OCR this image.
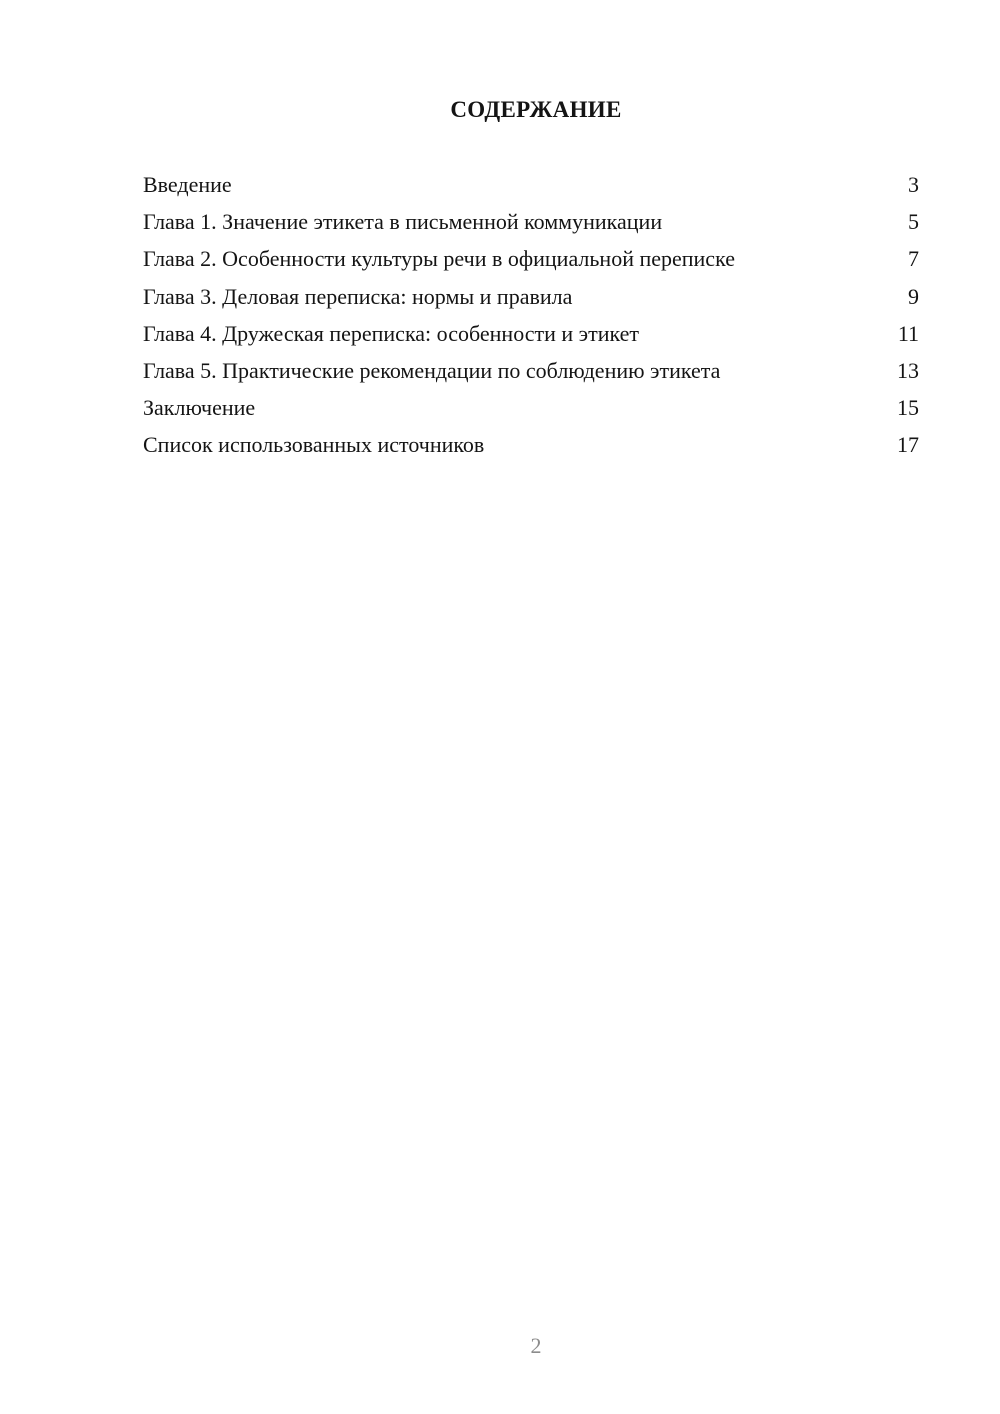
СОДЕРЖАНИЕ
Введение	3
Глава 1. Значение этикета в письменной коммуникации	5
Глава 2. Особенности культуры речи в официальной переписке	7
Глава 3. Деловая переписка: нормы и правила	9
Глава 4. Дружеская переписка: особенности и этикет	11
Глава 5. Практические рекомендации по соблюдению этикета	13
Заключение	15
Список использованных источников	17
2
